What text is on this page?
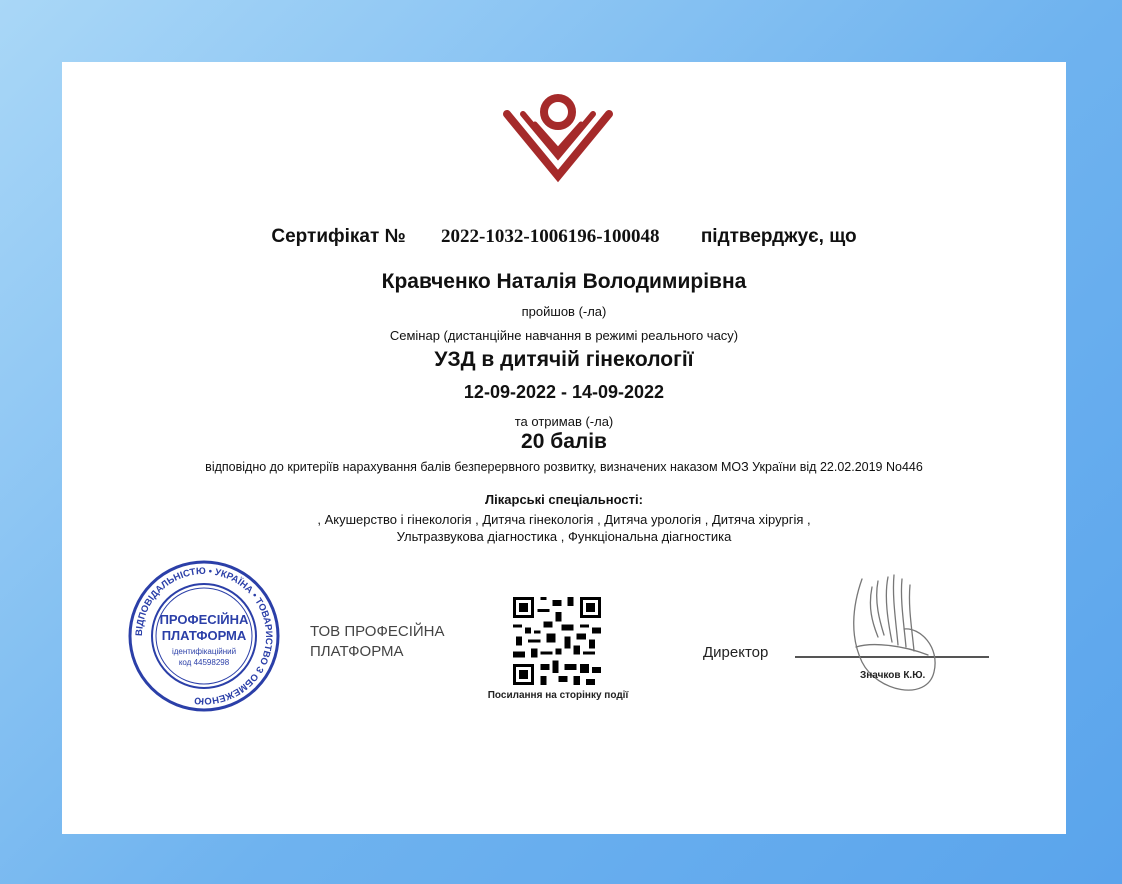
Сертифікат № 2022-1032-1006196-100048 підтверджує, що
Кравченко Наталія Володимирівна
пройшов (-ла)
Семінар (дистанційне навчання в режимі реального часу)
УЗД в дитячій гінекології
12-09-2022 - 14-09-2022
та отримав (-ла)
20 балів
відповідно до критеріїв нарахування балів безперервного розвитку, визначених наказом МОЗ України від 22.02.2019 No446
Лікарські спеціальності:
, Акушерство і гінекологія , Дитяча гінекологія , Дитяча урологія , Дитяча хірургія ,
Ультразвукова діагностика , Функціональна діагностика
ВІДПОВІДАЛЬНІСТЮ • УКРАЇНА • ТОВАРИСТВО З ОБМЕЖЕНОЮ
ПРОФЕСІЙНА
ПЛАТФОРМА
ідентифікаційний
код 44598298
ТОВ ПРОФЕСІЙНА
ПЛАТФОРМА
Посилання на сторінку події
Директор
Значков К.Ю.
